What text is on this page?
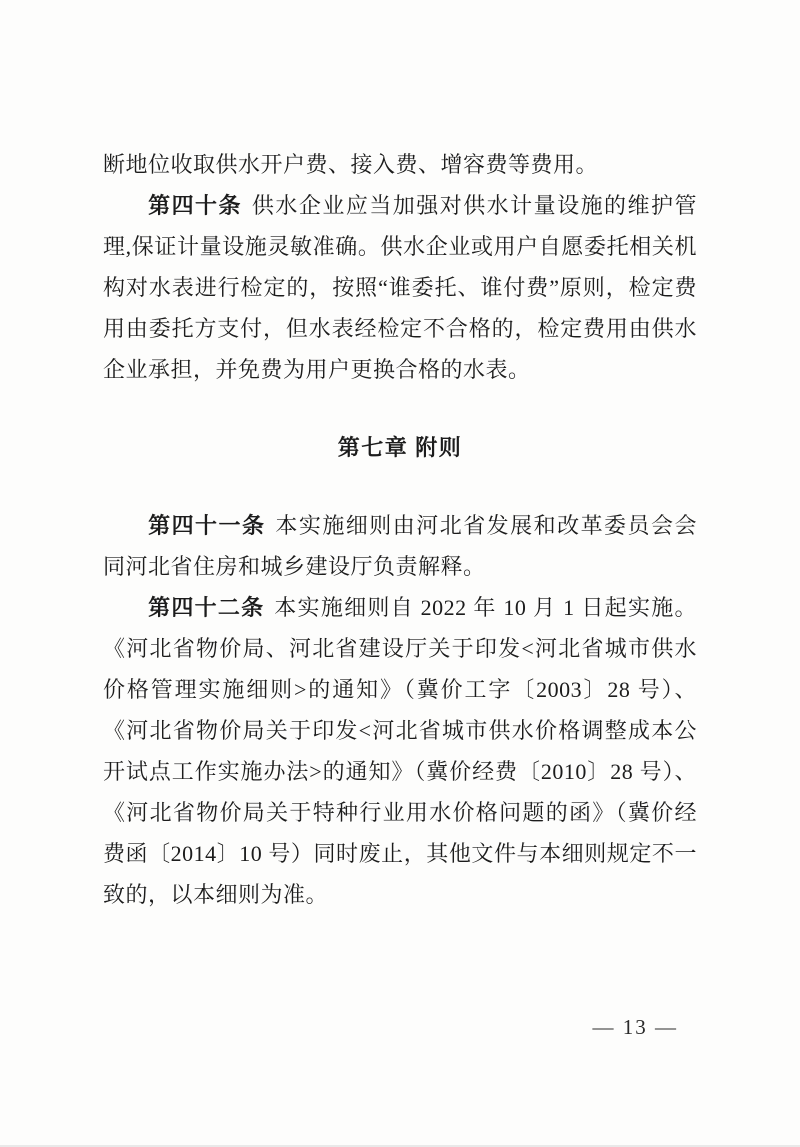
断地位收取供水开户费、接入费、增容费等费用。

第四十条 供水企业应当加强对供水计量设施的维护管理,保证计量设施灵敏准确。供水企业或用户自愿委托相关机构对水表进行检定的，按照“谁委托、谁付费”原则，检定费用由委托方支付，但水表经检定不合格的，检定费用由供水企业承担，并免费为用户更换合格的水表。

第七章 附则

第四十一条 本实施细则由河北省发展和改革委员会会同河北省住房和城乡建设厅负责解释。

第四十二条 本实施细则自 2022 年 10 月 1 日起实施。《河北省物价局、河北省建设厅关于印发<河北省城市供水价格管理实施细则>的通知》（冀价工字〔2003〕28 号）、《河北省物价局关于印发<河北省城市供水价格调整成本公开试点工作实施办法>的通知》（冀价经费〔2010〕28 号）、《河北省物价局关于特种行业用水价格问题的函》（冀价经费函〔2014〕10 号）同时废止，其他文件与本细则规定不一致的，以本细则为准。

— 13 —
